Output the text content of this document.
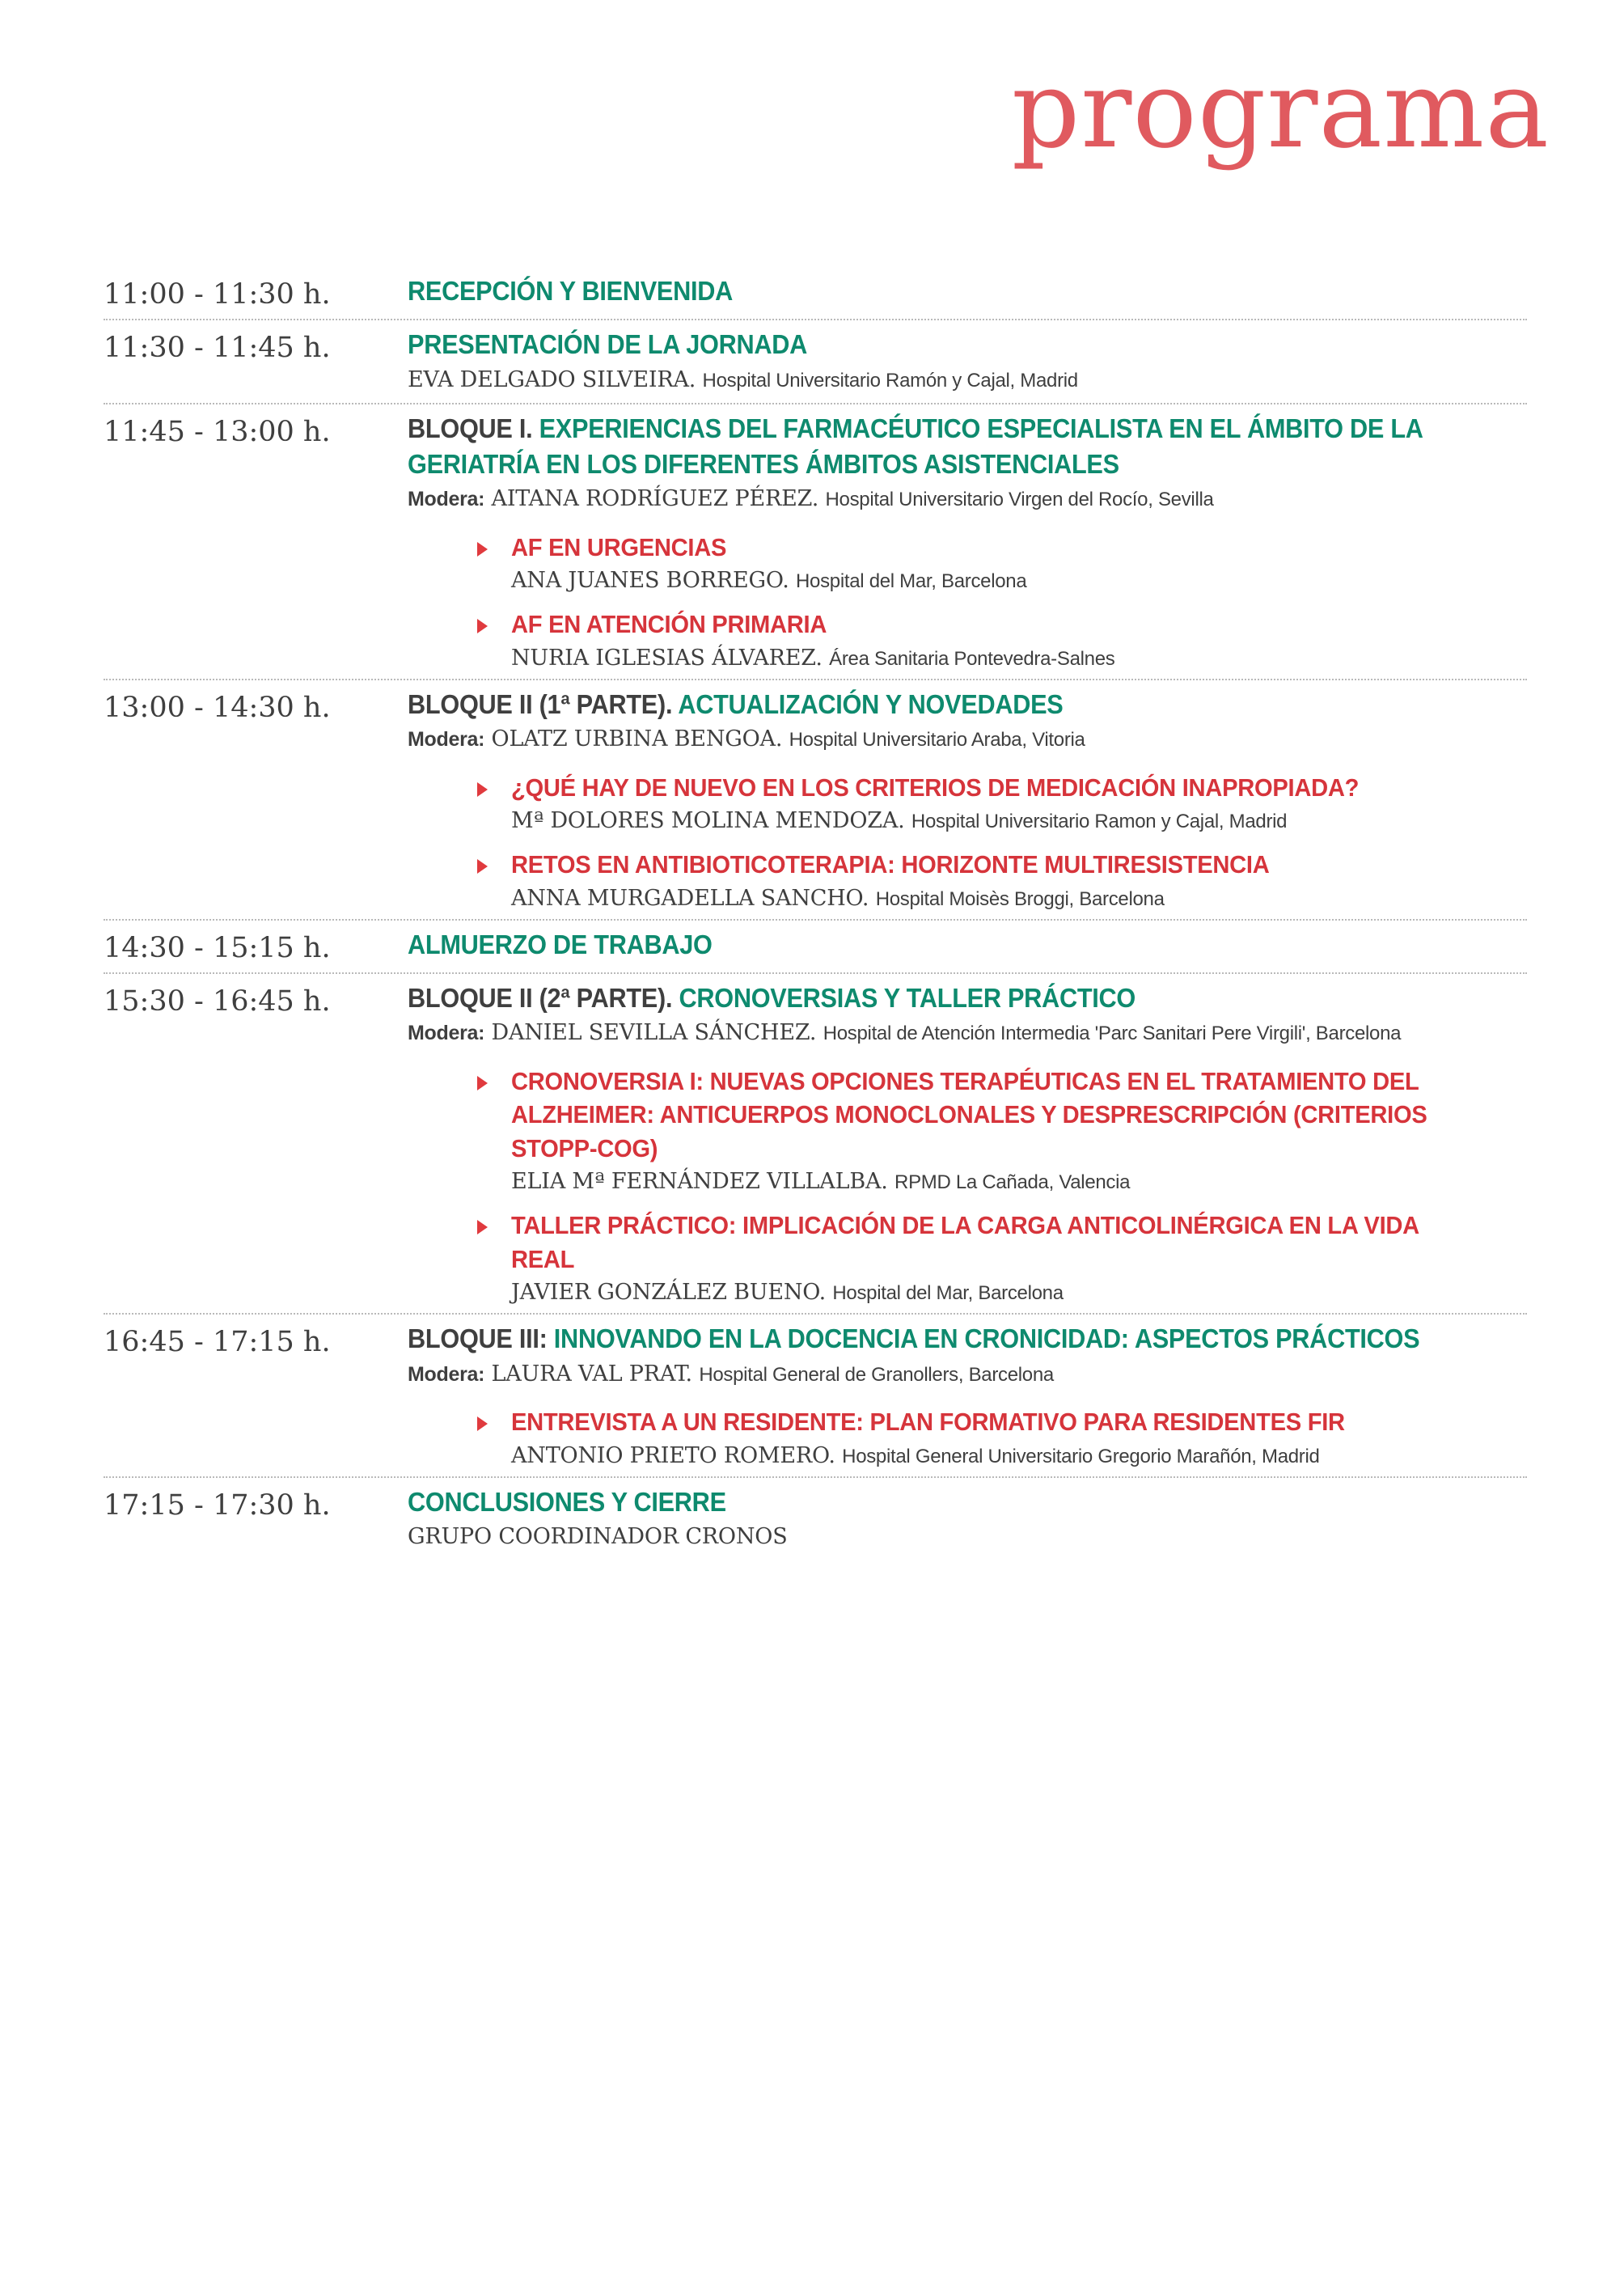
programa
11:00 - 11:30 h.	RECEPCIÓN Y BIENVENIDA
11:30 - 11:45 h.	PRESENTACIÓN DE LA JORNADA
EVA DELGADO SILVEIRA. Hospital Universitario Ramón y Cajal, Madrid
11:45 - 13:00 h.	BLOQUE I. EXPERIENCIAS DEL FARMACÉUTICO ESPECIALISTA EN EL ÁMBITO DE LA GERIATRÍA EN LOS DIFERENTES ÁMBITOS ASISTENCIALES
Modera: AITANA RODRÍGUEZ PÉREZ. Hospital Universitario Virgen del Rocío, Sevilla
AF EN URGENCIAS
ANA JUANES BORREGO. Hospital del Mar, Barcelona
AF EN ATENCIÓN PRIMARIA
NURIA IGLESIAS ÁLVAREZ. Área Sanitaria Pontevedra-Salnes
13:00 - 14:30 h.	BLOQUE II (1ª PARTE). ACTUALIZACIÓN Y NOVEDADES
Modera: OLATZ URBINA BENGOA. Hospital Universitario Araba, Vitoria
¿QUÉ HAY DE NUEVO EN LOS CRITERIOS DE MEDICACIÓN INAPROPIADA?
Mª DOLORES MOLINA MENDOZA. Hospital Universitario Ramon y Cajal, Madrid
RETOS EN ANTIBIOTICOTERAPIA: HORIZONTE MULTIRESISTENCIA
ANNA MURGADELLA SANCHO. Hospital Moisès Broggi, Barcelona
14:30 - 15:15 h.	ALMUERZO DE TRABAJO
15:30 - 16:45 h.	BLOQUE II (2ª PARTE). CRONOVERSIAS Y TALLER PRÁCTICO
Modera: DANIEL SEVILLA SÁNCHEZ. Hospital de Atención Intermedia 'Parc Sanitari Pere Virgili', Barcelona
CRONOVERSIA I: NUEVAS OPCIONES TERAPÉUTICAS EN EL TRATAMIENTO DEL ALZHEIMER: ANTICUERPOS MONOCLONALES Y DESPRESCRIPCIÓN (CRITERIOS STOPP-COG)
ELIA Mª FERNÁNDEZ VILLALBA. RPMD La Cañada, Valencia
TALLER PRÁCTICO: IMPLICACIÓN DE LA CARGA ANTICOLINÉRGICA EN LA VIDA REAL
JAVIER GONZÁLEZ BUENO. Hospital del Mar, Barcelona
16:45 - 17:15 h.	BLOQUE III: INNOVANDO EN LA DOCENCIA EN CRONICIDAD: ASPECTOS PRÁCTICOS
Modera: LAURA VAL PRAT. Hospital General de Granollers, Barcelona
ENTREVISTA A UN RESIDENTE: PLAN FORMATIVO PARA RESIDENTES FIR
ANTONIO PRIETO ROMERO. Hospital General Universitario Gregorio Marañón, Madrid
17:15 - 17:30 h.	CONCLUSIONES Y CIERRE
GRUPO COORDINADOR CRONOS
